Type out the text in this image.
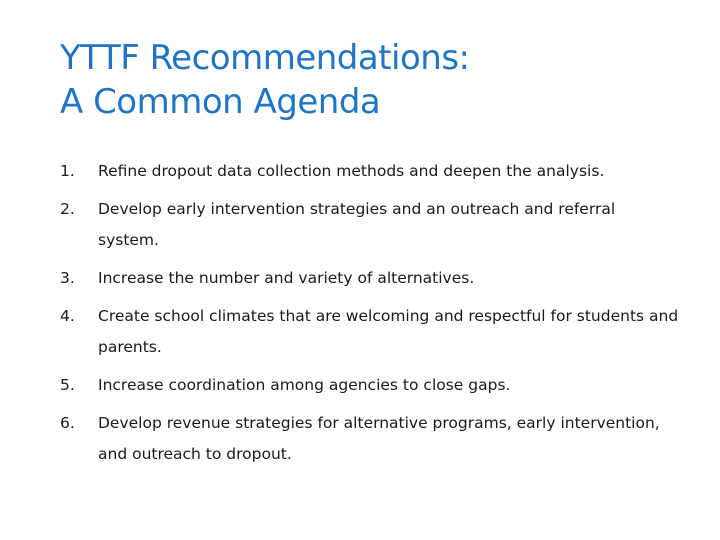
YTTF Recommendations:
A Common Agenda
1.	Refine dropout data collection methods and deepen the analysis.
2.	Develop early intervention strategies and an outreach and referral system.
3.	Increase the number and variety of alternatives.
4.	Create school climates that are welcoming and respectful for students and parents.
5.	Increase coordination among agencies to close gaps.
6.	Develop revenue strategies for alternative programs, early intervention, and outreach to dropout.
